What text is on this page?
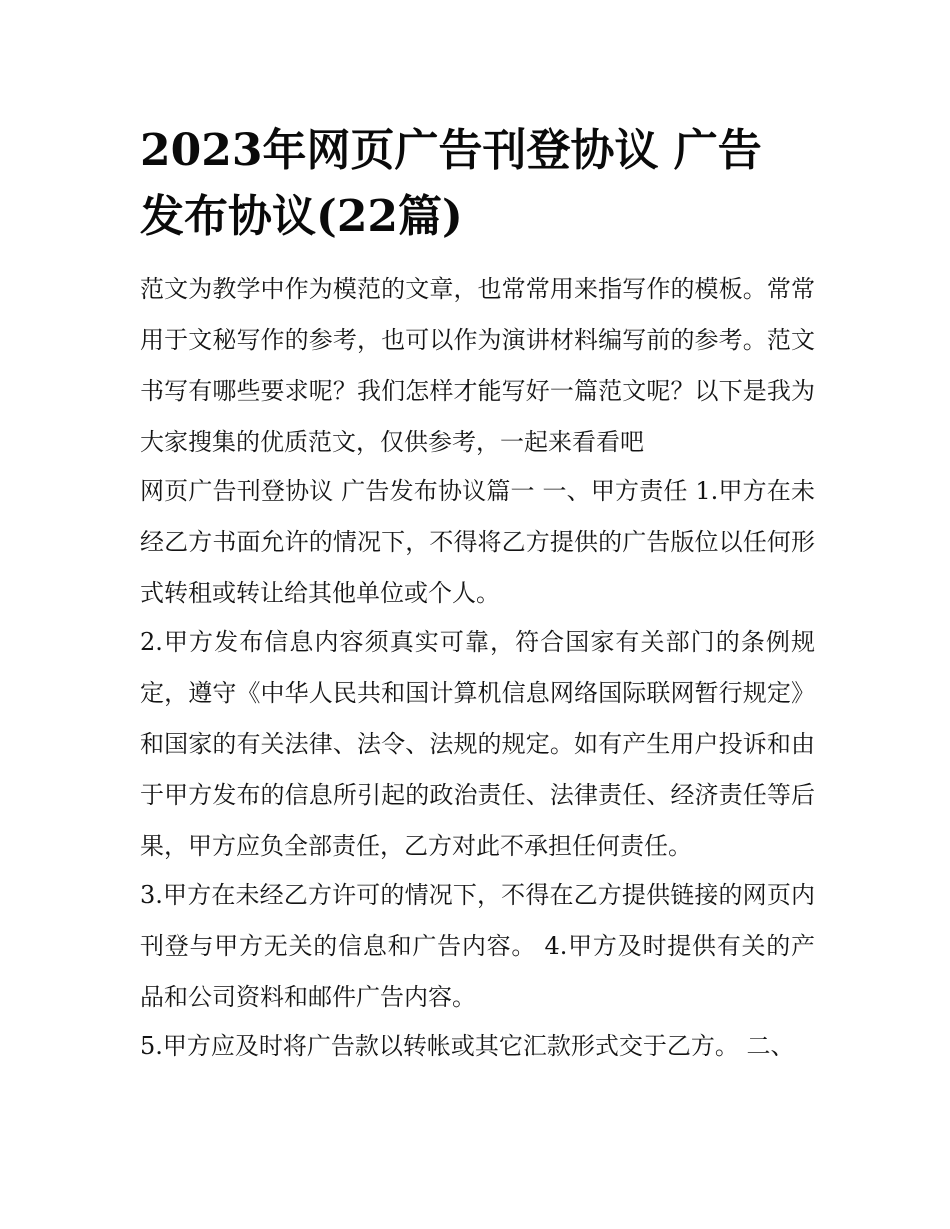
2023年网页广告刊登协议 广告发布协议(22篇)

范文为教学中作为模范的文章，也常常用来指写作的模板。常常用于文秘写作的参考，也可以作为演讲材料编写前的参考。范文书写有哪些要求呢？我们怎样才能写好一篇范文呢？以下是我为大家搜集的优质范文，仅供参考，一起来看看吧

网页广告刊登协议 广告发布协议篇一 一、甲方责任 1.甲方在未经乙方书面允许的情况下，不得将乙方提供的广告版位以任何形式转租或转让给其他单位或个人。

2.甲方发布信息内容须真实可靠，符合国家有关部门的条例规定，遵守《中华人民共和国计算机信息网络国际联网暂行规定》和国家的有关法律、法令、法规的规定。如有产生用户投诉和由于甲方发布的信息所引起的政治责任、法律责任、经济责任等后果，甲方应负全部责任，乙方对此不承担任何责任。

3.甲方在未经乙方许可的情况下，不得在乙方提供链接的网页内刊登与甲方无关的信息和广告内容。 4.甲方及时提供有关的产品和公司资料和邮件广告内容。

5.甲方应及时将广告款以转帐或其它汇款形式交于乙方。 二、
